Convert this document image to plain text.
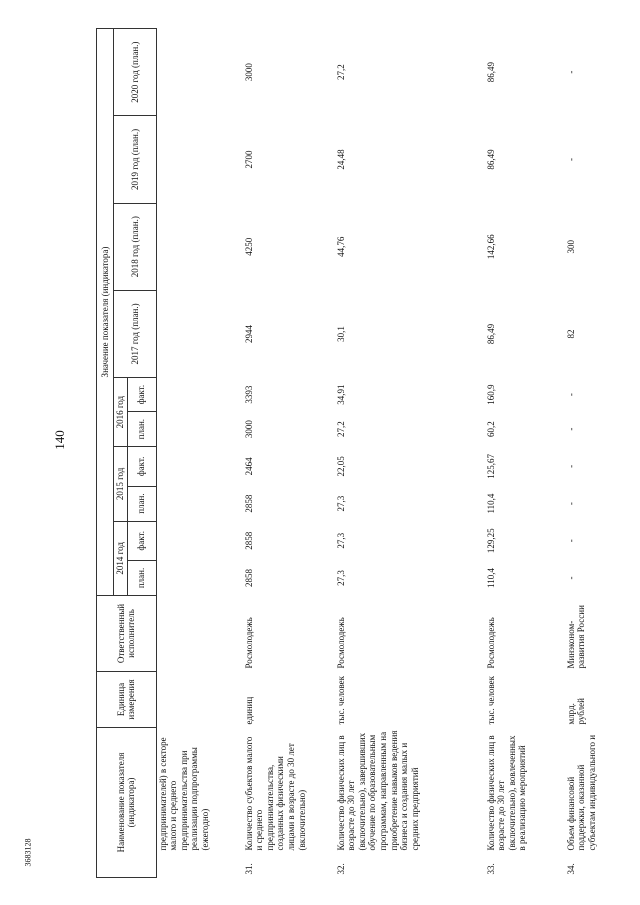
140
3683128
Наименование показателя (индикатора)		Единица измерения	Ответственный исполнитель	Значение показателя (индикатора)									
				2014 год		2015 год		2016 год		2017 год (план.)	2018 год (план.)	2019 год (план.)	2020 год (план.)
				план.	факт.	план.	факт.	план.	факт.				
	предпринимателей) в секторе малого и среднего предпринимательства при реализации подпрограммы (ежегодно)												
31.	Количество субъектов малого и среднего предпринимательства, созданных физическими лицами в возрасте до 30 лет (включительно)	единиц	Росмолодежь	2858	2858	2858	2464	3000	3393	2944	4250	2700	3000
32.	Количество физических лиц в возрасте до 30 лет (включительно), завершивших обучение по образовательным программам, направленным на приобретение навыков ведения бизнеса и создания малых и средних предприятий	тыс. человек	Росмолодежь	27,3	27,3	27,3	22,05	27,2	34,91	30,1	44,76	24,48	27,2
33.	Количество физических лиц в возрасте до 30 лет (включительно), вовлеченных в реализацию мероприятий	тыс. человек	Росмолодежь	110,4	129,25	110,4	125,67	60,2	160,9	86,49	142,66	86,49	86,49
34.	Объем финансовой поддержки, оказанной субъектам индивидуального и	млрд. рублей	Минэконом- развития России	-	-	-	-	-	-	82	300	-	-
